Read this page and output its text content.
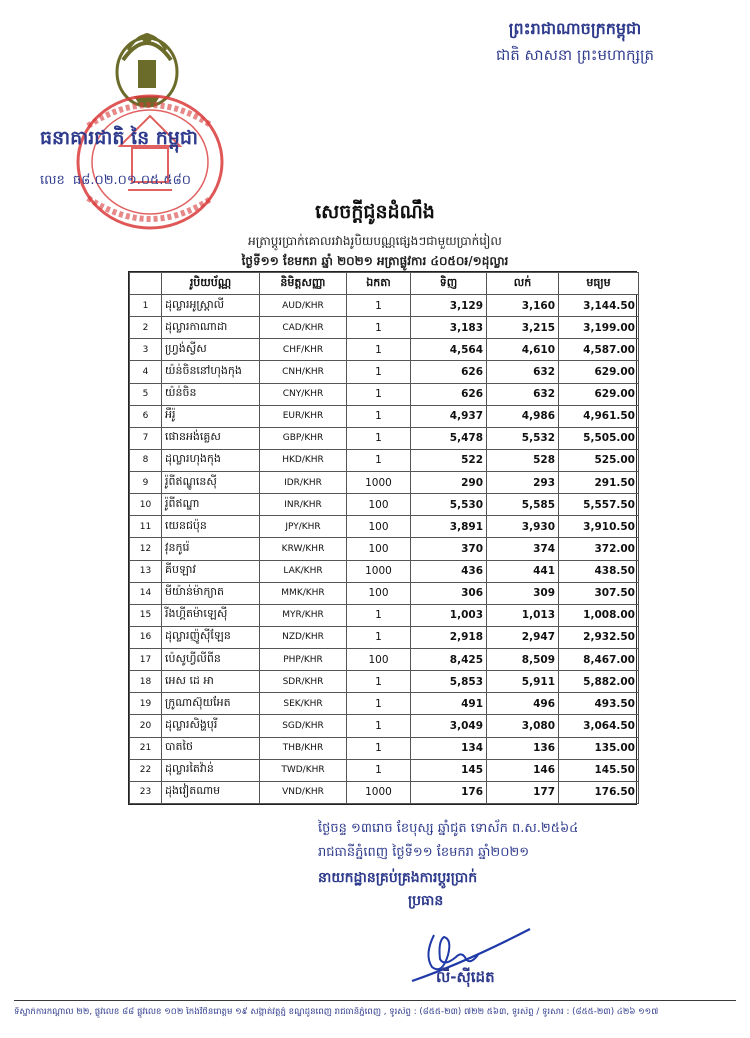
ព្រះរាជាណាចក្រកម្ពុជា
ជាតិ សាសនា ព្រះមហាក្សត្រ
ធនាគារជាតិ នៃ កម្ពុជា
លេខ ធ៨.០២.០១.០៥.៥៨០
សេចក្ដីជូនដំណឹង
អត្រាប្ដូរប្រាក់គោលរវាងរូបិយបណ្ណផ្សេងៗជាមួយប្រាក់រៀល
ថ្ងៃទី១១ ខែមករា ឆ្នាំ ២០២១ អត្រាផ្លូវការ ៤០៥០៛/១ដុល្លារ
	រូបិយប័ណ្ណ	និមិត្តសញ្ញា	ឯកតា	ទិញ	លក់	មធ្យម
1	ដុល្លារអូស្ត្រាលី	AUD/KHR	1	3,129	3,160	3,144.50
2	ដុល្លារកាណាដា	CAD/KHR	1	3,183	3,215	3,199.00
3	ហ្វ្រង់ស្វីស	CHF/KHR	1	4,564	4,610	4,587.00
4	យ៉ន់ចិននៅហុងកុង	CNH/KHR	1	626	632	629.00
5	យ៉ន់ចិន	CNY/KHR	1	626	632	629.00
6	អឺរ៉ូ	EUR/KHR	1	4,937	4,986	4,961.50
7	ផោនអង់គ្លេស	GBP/KHR	1	5,478	5,532	5,505.00
8	ដុល្លារហុងកុង	HKD/KHR	1	522	528	525.00
9	រ៉ូពីឥណ្ឌូនេស៊ី	IDR/KHR	1000	290	293	291.50
10	រ៉ូពីឥណ្ឌា	INR/KHR	100	5,530	5,585	5,557.50
11	យេនជប៉ុន	JPY/KHR	100	3,891	3,930	3,910.50
12	វុនកូរ៉េ	KRW/KHR	100	370	374	372.00
13	គីបឡាវ	LAK/KHR	1000	436	441	438.50
14	មីយ៉ាន់ម៉ាក្យាត	MMK/KHR	100	306	309	307.50
15	រីងហ្គីតម៉ាឡេស៊ី	MYR/KHR	1	1,003	1,013	1,008.00
16	ដុល្លារញ៉ូស៊ីឡែន	NZD/KHR	1	2,918	2,947	2,932.50
17	ប៉េសូហ្វីលីពីន	PHP/KHR	100	8,425	8,509	8,467.00
18	អេស ដេ អា	SDR/KHR	1	5,853	5,911	5,882.00
19	ក្រូណាស៊ុយអែត	SEK/KHR	1	491	496	493.50
20	ដុល្លារសិង្ហបុរី	SGD/KHR	1	3,049	3,080	3,064.50
21	បាតថៃ	THB/KHR	1	134	136	135.00
22	ដុល្លារតៃវ៉ាន់	TWD/KHR	1	145	146	145.50
23	ដុងវៀតណាម	VND/KHR	1000	176	177	176.50
ថ្ងៃចន្ទ ១៣រោច ខែបុស្ស ឆ្នាំជូត ទោស័ក ព.ស.២៥៦៤
រាជធានីភ្នំពេញ ថ្ងៃទី១១ ខែមករា ឆ្នាំ២០២១
នាយកដ្ឋានគ្រប់គ្រងការប្ដូរប្រាក់
ប្រធាន
លី-ស៊ីដេត
ទីស្នាក់ការកណ្តាល ២២, ផ្លូវលេខ ៨៨ ផ្លូវលេខ ១០២ កែងវិថីនរោត្តម ១៩ សង្កាត់វត្តភ្នំ ខណ្ឌដូនពេញ រាជធានីភ្នំពេញ , ទូរស័ព្ទ : (៨៥៥-២៣) ៧២២ ៥៦៣, ទូរស័ព្ទ / ទូរសារ : (៨៥៥-២៣) ៤២៦ ១១៧
